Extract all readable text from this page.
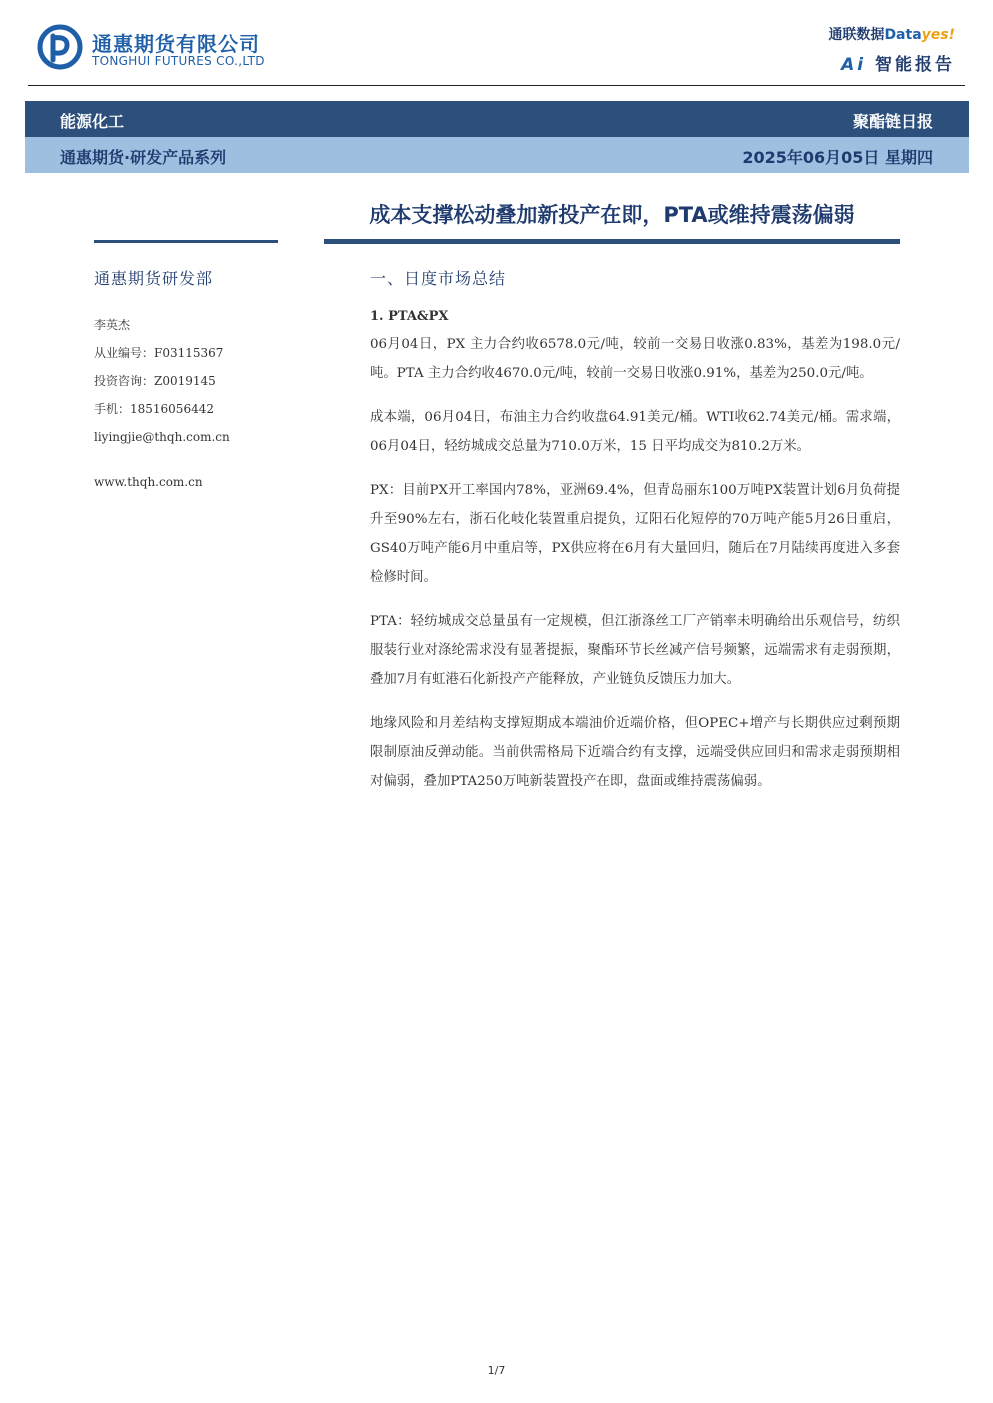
通惠期货有限公司
TONGHUI FUTURES CO.,LTD
通联数据Datayes!
Ai 智能报告
能源化工	聚酯链日报
通惠期货·研发产品系列	2025年06月05日 星期四
成本支撑松动叠加新投产在即，PTA或维持震荡偏弱
通惠期货研发部
李英杰
从业编号：F03115367
投资咨询：Z0019145
手机：18516056442
liyingjie@thqh.com.cn
www.thqh.com.cn
一、日度市场总结
1. PTA&PX

06月04日，PX 主力合约收6578.0元/吨，较前一交易日收涨0.83%，基差为198.0元/吨。PTA 主力合约收4670.0元/吨，较前一交易日收涨0.91%，基差为250.0元/吨。

成本端，06月04日，布油主力合约收盘64.91美元/桶。WTI收62.74美元/桶。需求端，06月04日，轻纺城成交总量为710.0万米，15 日平均成交为810.2万米。

PX：目前PX开工率国内78%，亚洲69.4%，但青岛丽东100万吨PX装置计划6月负荷提升至90%左右，浙石化岐化装置重启提负，辽阳石化短停的70万吨产能5月26日重启，GS40万吨产能6月中重启等，PX供应将在6月有大量回归，随后在7月陆续再度进入多套检修时间。

PTA：轻纺城成交总量虽有一定规模，但江浙涤丝工厂产销率未明确给出乐观信号，纺织服装行业对涤纶需求没有显著提振，聚酯环节长丝减产信号频繁，远端需求有走弱预期，叠加7月有虹港石化新投产产能释放，产业链负反馈压力加大。

地缘风险和月差结构支撑短期成本端油价近端价格，但OPEC+增产与长期供应过剩预期限制原油反弹动能。当前供需格局下近端合约有支撑，远端受供应回归和需求走弱预期相对偏弱，叠加PTA250万吨新装置投产在即，盘面或维持震荡偏弱。

1/7
